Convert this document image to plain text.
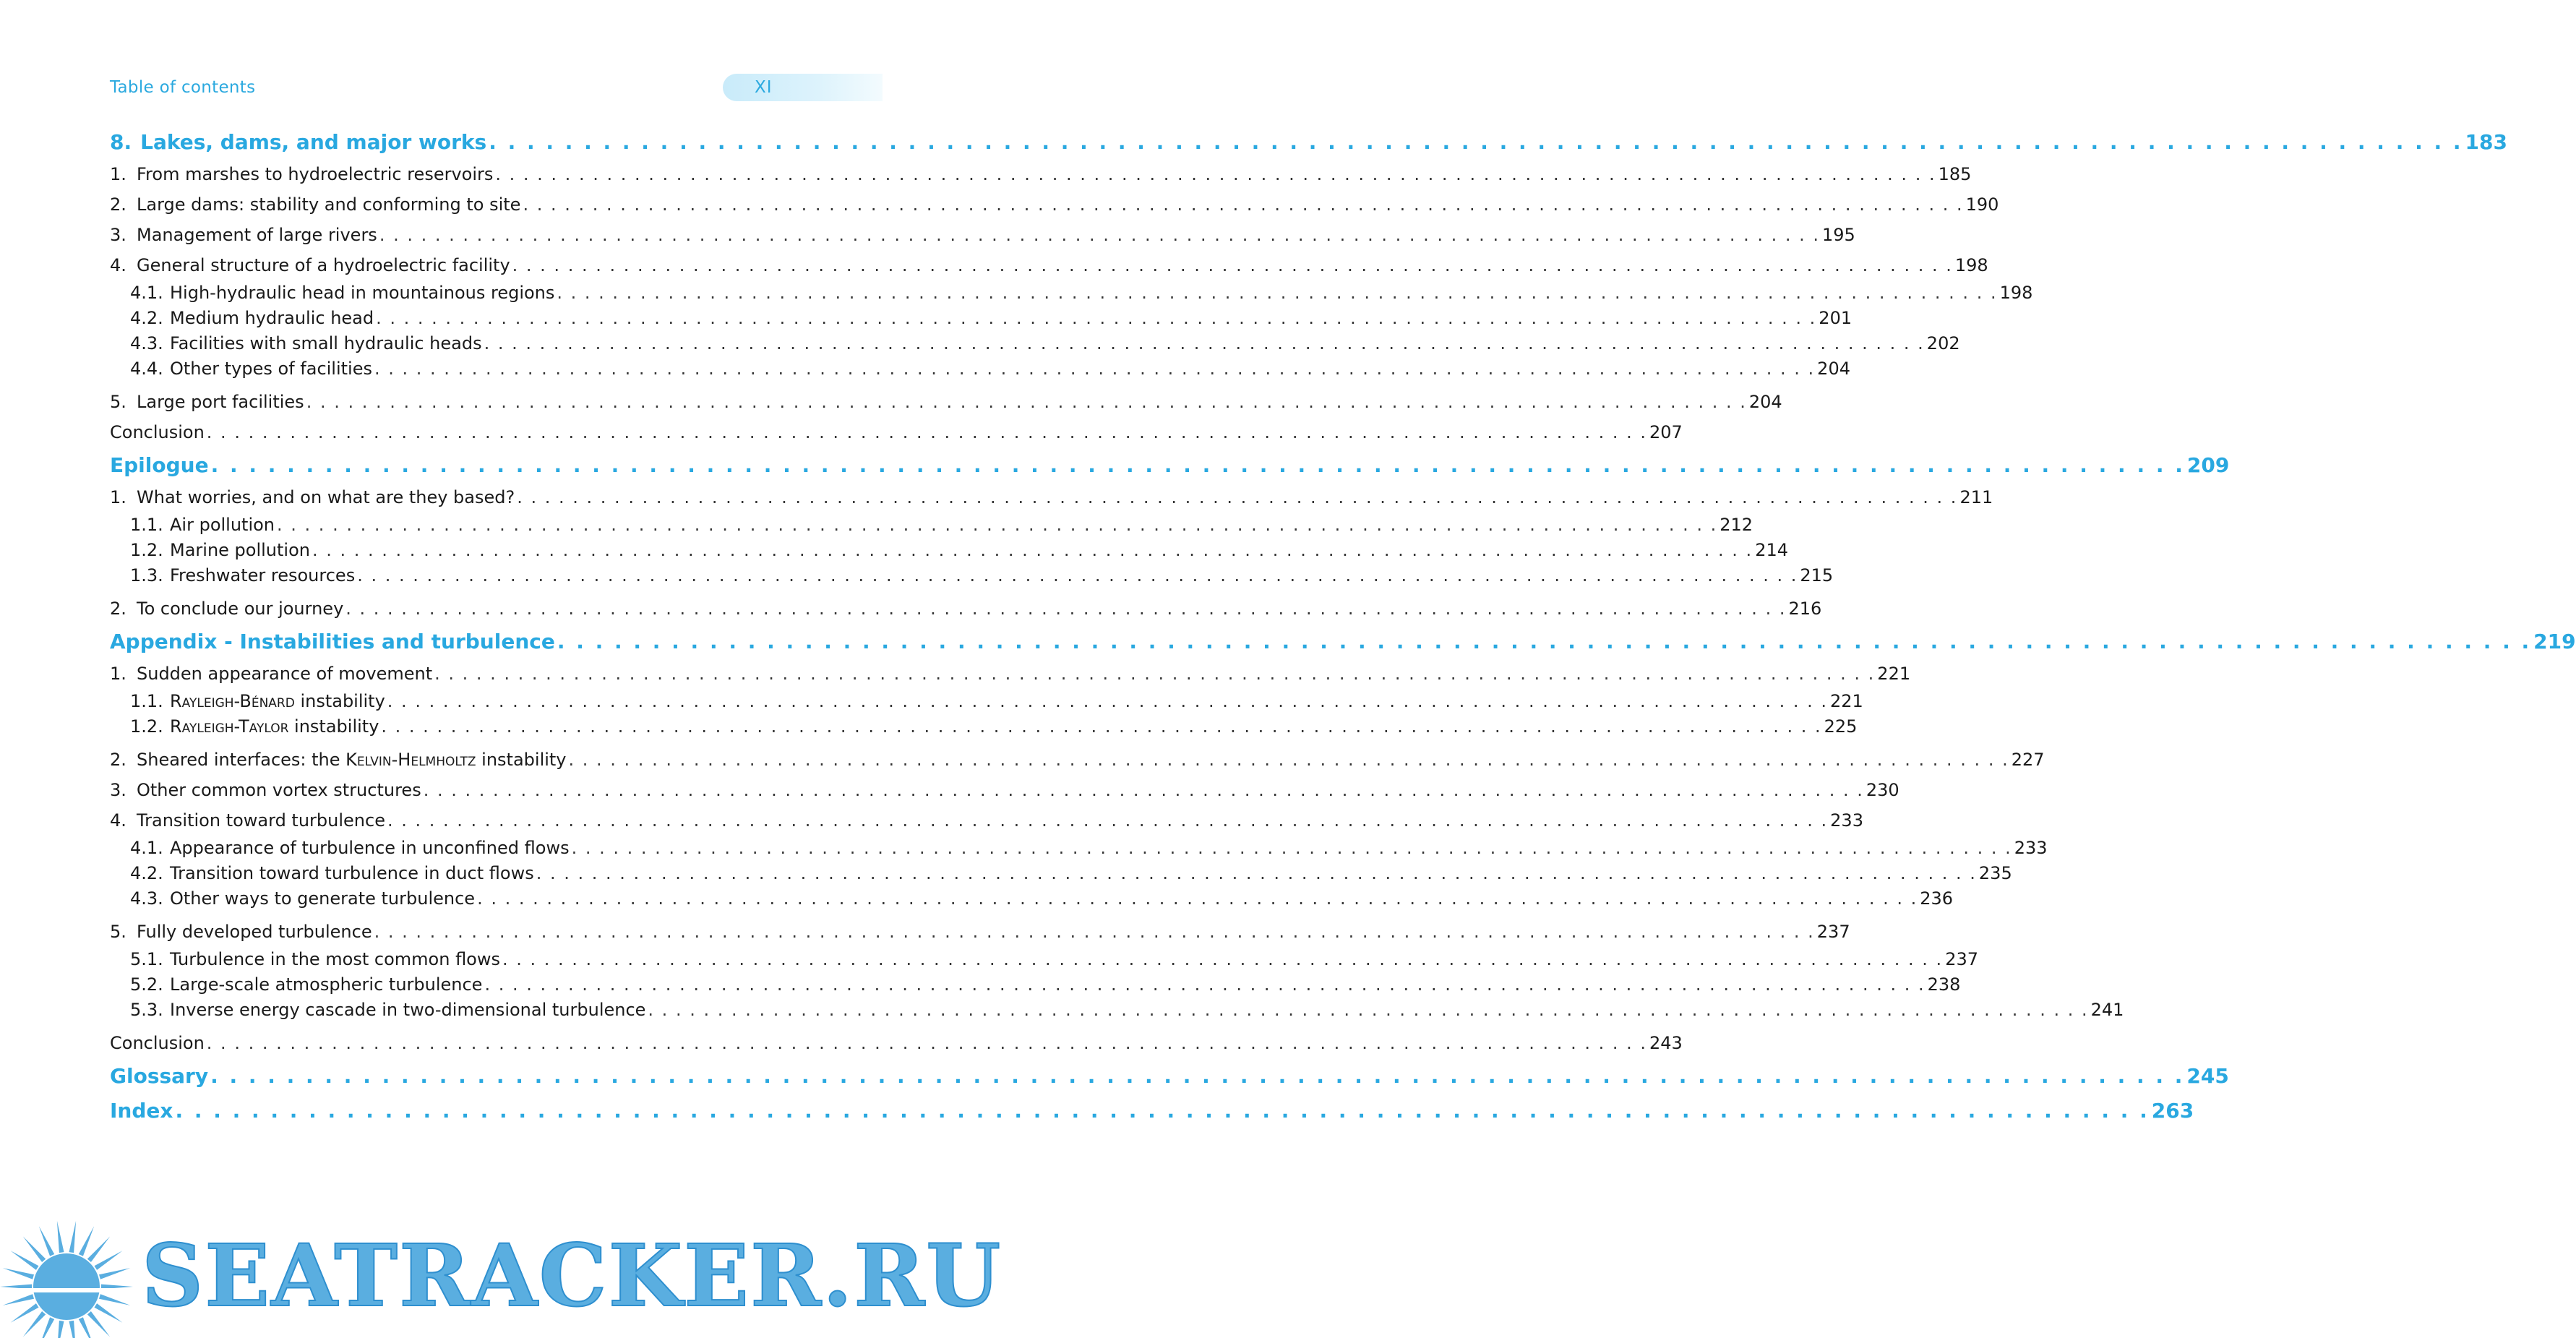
Table of contents	XI
8. Lakes, dams, and major works . . .	183
1. From marshes to hydroelectric reservoirs . . .	185
2. Large dams: stability and conforming to site . . .	190
3. Management of large rivers . . .	195
4. General structure of a hydroelectric facility . . .	198
4.1. High-hydraulic head in mountainous regions . . .	198
4.2. Medium hydraulic head . . .	201
4.3. Facilities with small hydraulic heads . . .	202
4.4. Other types of facilities . . .	204
5. Large port facilities . . .	204
Conclusion . . .	207
Epilogue . . .	209
1. What worries, and on what are they based? . . .	211
1.1. Air pollution . . .	212
1.2. Marine pollution . . .	214
1.3. Freshwater resources . . .	215
2. To conclude our journey . . .	216
Appendix - Instabilities and turbulence . . .	219
1. Sudden appearance of movement . . .	221
1.1. Rayleigh-Bénard instability . . .	221
1.2. Rayleigh-Taylor instability . . .	225
2. Sheared interfaces: the Kelvin-Helmholtz instability . . .	227
3. Other common vortex structures . . .	230
4. Transition toward turbulence . . .	233
4.1. Appearance of turbulence in unconfined flows . . .	233
4.2. Transition toward turbulence in duct flows . . .	235
4.3. Other ways to generate turbulence . . .	236
5. Fully developed turbulence . . .	237
5.1. Turbulence in the most common flows . . .	237
5.2. Large-scale atmospheric turbulence . . .	238
5.3. Inverse energy cascade in two-dimensional turbulence . . .	241
Conclusion . . .	243
Glossary . . .	245
Index . . .	263
SEATRACKER.RU
